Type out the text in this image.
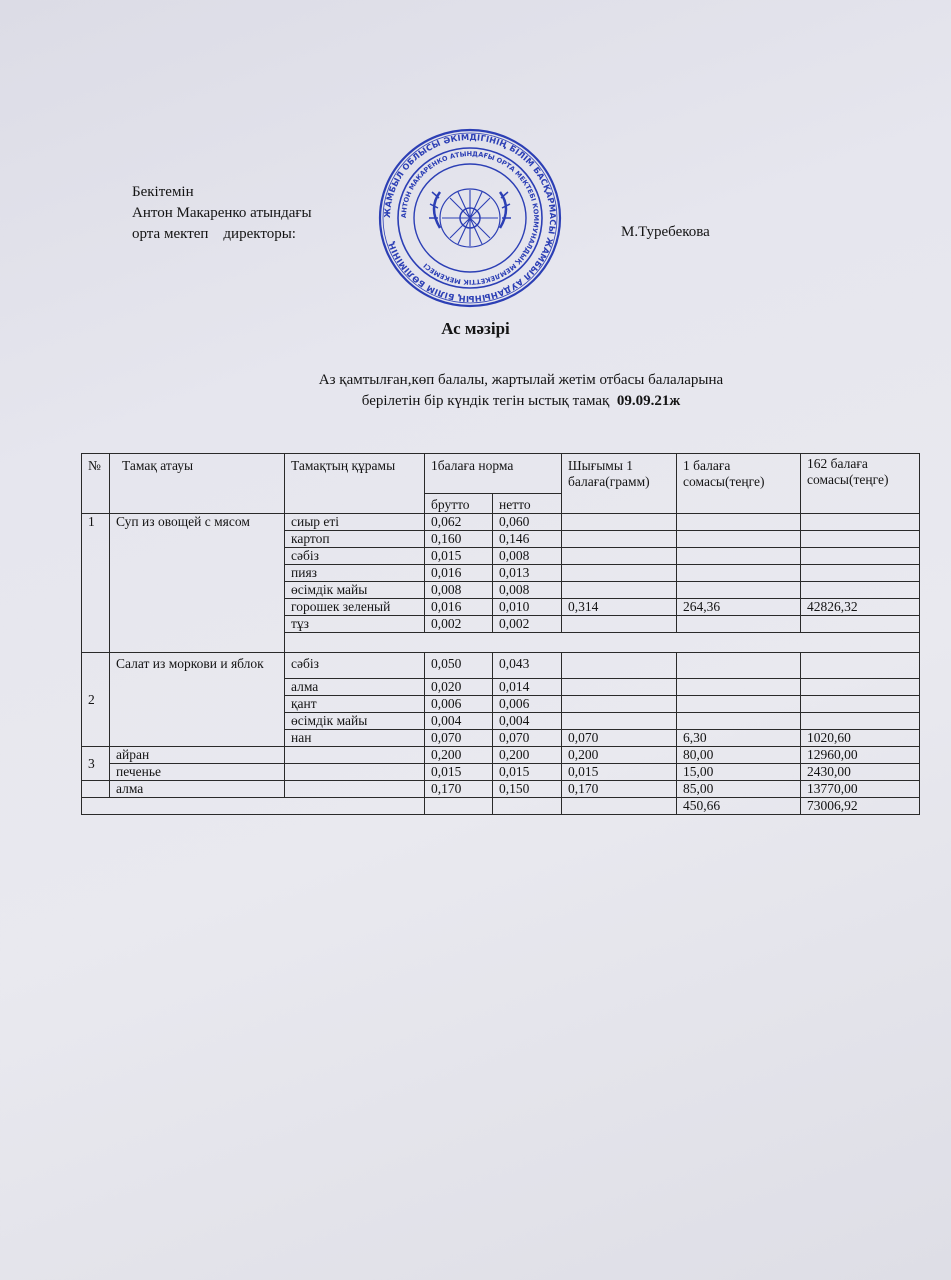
Бекітемін
Антон Макаренко атындағы
орта мектеп    директоры:	М.Туребекова
ЖАМБЫЛ ОБЛЫСЫ ӘКІМДІГІНІҢ БІЛІМ БАСҚАРМАСЫ ЖАМБЫЛ АУДАНЫНЫҢ БІЛІМ БӨЛІМІНІҢ
АНТОН МАКАРЕНКО АТЫНДАҒЫ ОРТА МЕКТЕБІ КОММУНАЛДЫҚ МЕМЛЕКЕТТІК МЕКЕМЕСІ
Ас мәзірі
Аз қамтылған,көп балалы, жартылай жетім отбасы балаларына
берілетін бір күндік тегін ыстық тамақ 09.09.21ж
№	Тамақ атауы	Тамақтың құрамы	1балаға норма		Шығымы 1 балаға(грамм)	1 балаға сомасы(теңге)	162 балаға сомасы(теңге)
			брутто	нетто			
1	Суп из овощей с мясом	сиыр еті	0,062	0,060			
		картоп	0,160	0,146			
		сәбіз	0,015	0,008			
		пияз	0,016	0,013			
		өсімдік майы	0,008	0,008			
		горошек зеленый	0,016	0,010	0,314	264,36	42826,32
		тұз	0,002	0,002			

2	Салат из моркови и яблок	сәбіз	0,050	0,043			
		алма	0,020	0,014			
		қант	0,006	0,006			
		өсімдік майы	0,004	0,004			
		нан	0,070	0,070	0,070	6,30	1020,60
3	айран		0,200	0,200	0,200	80,00	12960,00
	печенье		0,015	0,015	0,015	15,00	2430,00
	алма		0,170	0,150	0,170	85,00	13770,00
						450,66	73006,92
